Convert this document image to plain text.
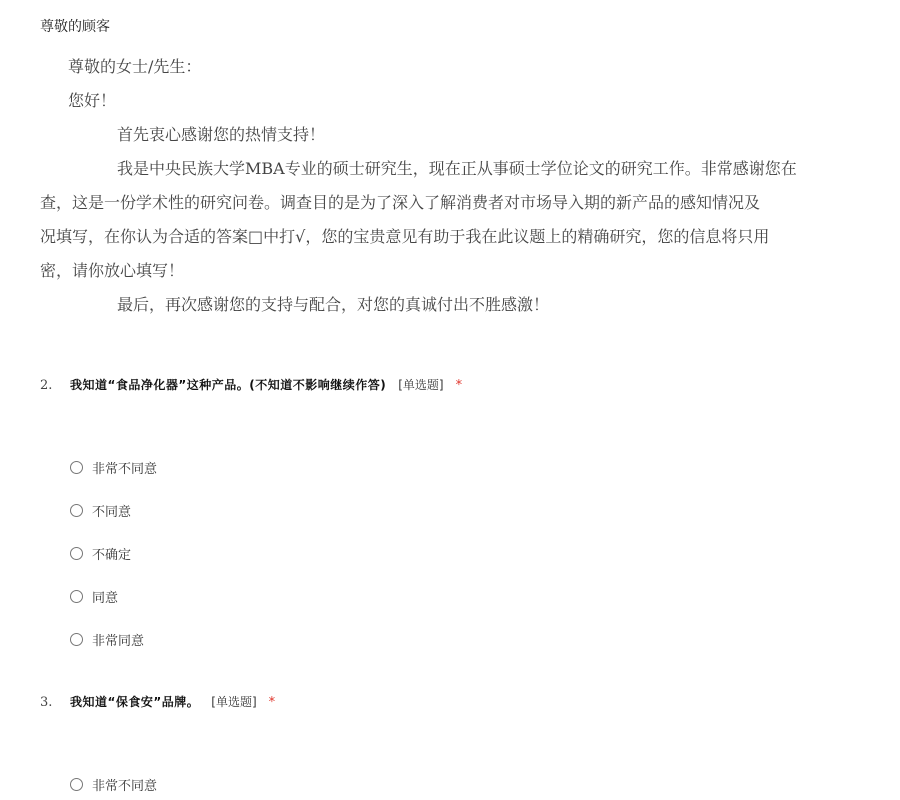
尊敬的顾客
尊敬的女士/先生：
您好！
首先衷心感谢您的热情支持！
我是中央民族大学MBA专业的硕士研究生，现在正从事硕士学位论文的研究工作。非常感谢您在
查，这是一份学术性的研究问卷。调查目的是为了深入了解消费者对市场导入期的新产品的感知情况及
况填写，在你认为合适的答案□中打√，您的宝贵意见有助于我在此议题上的精确研究，您的信息将只用
密，请你放心填写！
最后，再次感谢您的支持与配合，对您的真诚付出不胜感激！
2.	我知道“食品净化器”这种产品。(不知道不影响继续作答) [单选题] *
非常不同意
不同意
不确定
同意
非常同意
3.	我知道“保食安”品牌。 [单选题] *
非常不同意
